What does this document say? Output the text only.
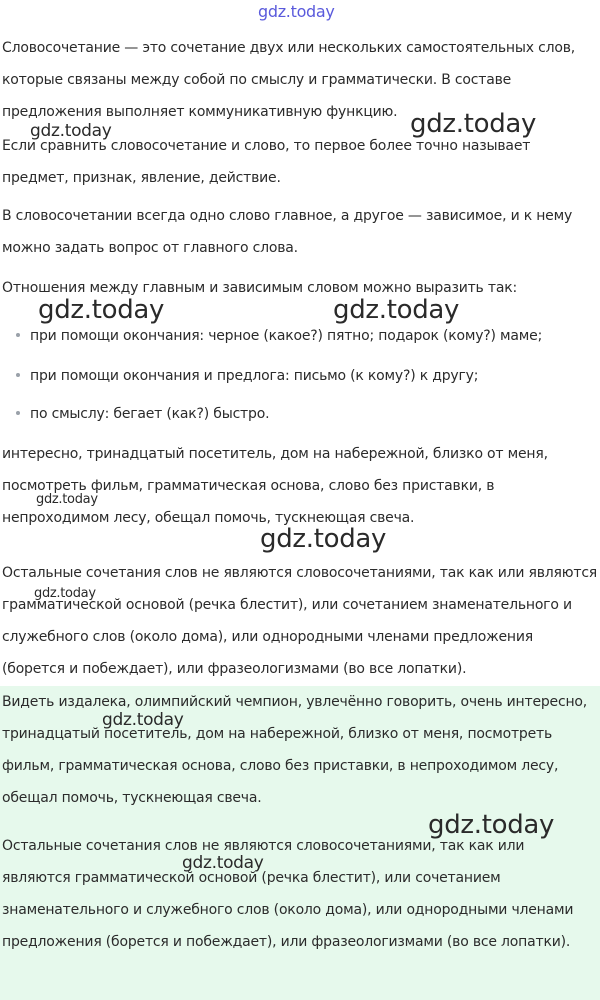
gdz.today

Словосочетание — это сочетание двух или нескольких самостоятельных слов, которые связаны между собой по смыслу и грамматически. В составе предложения выполняет коммуникативную функцию.

Если сравнить словосочетание и слово, то первое более точно называет предмет, признак, явление, действие.

В словосочетании всегда одно слово главное, а другое — зависимое, и к нему можно задать вопрос от главного слова.

Отношения между главным и зависимым словом можно выразить так:

при помощи окончания: черное (какое?) пятно; подарок (кому?) маме;

при помощи окончания и предлога: письмо (к кому?) к другу;

по смыслу: бегает (как?) быстро.

интересно, тринадцатый посетитель, дом на набережной, близко от меня, посмотреть фильм, грамматическая основа, слово без приставки, в непроходимом лесу, обещал помочь, тускнеющая свеча.

Остальные сочетания слов не являются словосочетаниями, так как или являются грамматической основой (речка блестит), или сочетанием знаменательного и служебного слов (около дома), или однородными членами предложения (борется и побеждает), или фразеологизмами (во все лопатки).

Видеть издалека, олимпийский чемпион, увлечённо говорить, очень интересно, тринадцатый посетитель, дом на набережной, близко от меня, посмотреть фильм, грамматическая основа, слово без приставки, в непроходимом лесу, обещал помочь, тускнеющая свеча.

Остальные сочетания слов не являются словосочетаниями, так как или являются грамматической основой (речка блестит), или сочетанием знаменательного и служебного слов (около дома), или однородными членами предложения (борется и побеждает), или фразеологизмами (во все лопатки).

gdz.today	gdz.today
gdz.today	gdz.today
gdz.today
gdz.today
gdz.today
gdz.today
gdz.today
gdz.today
